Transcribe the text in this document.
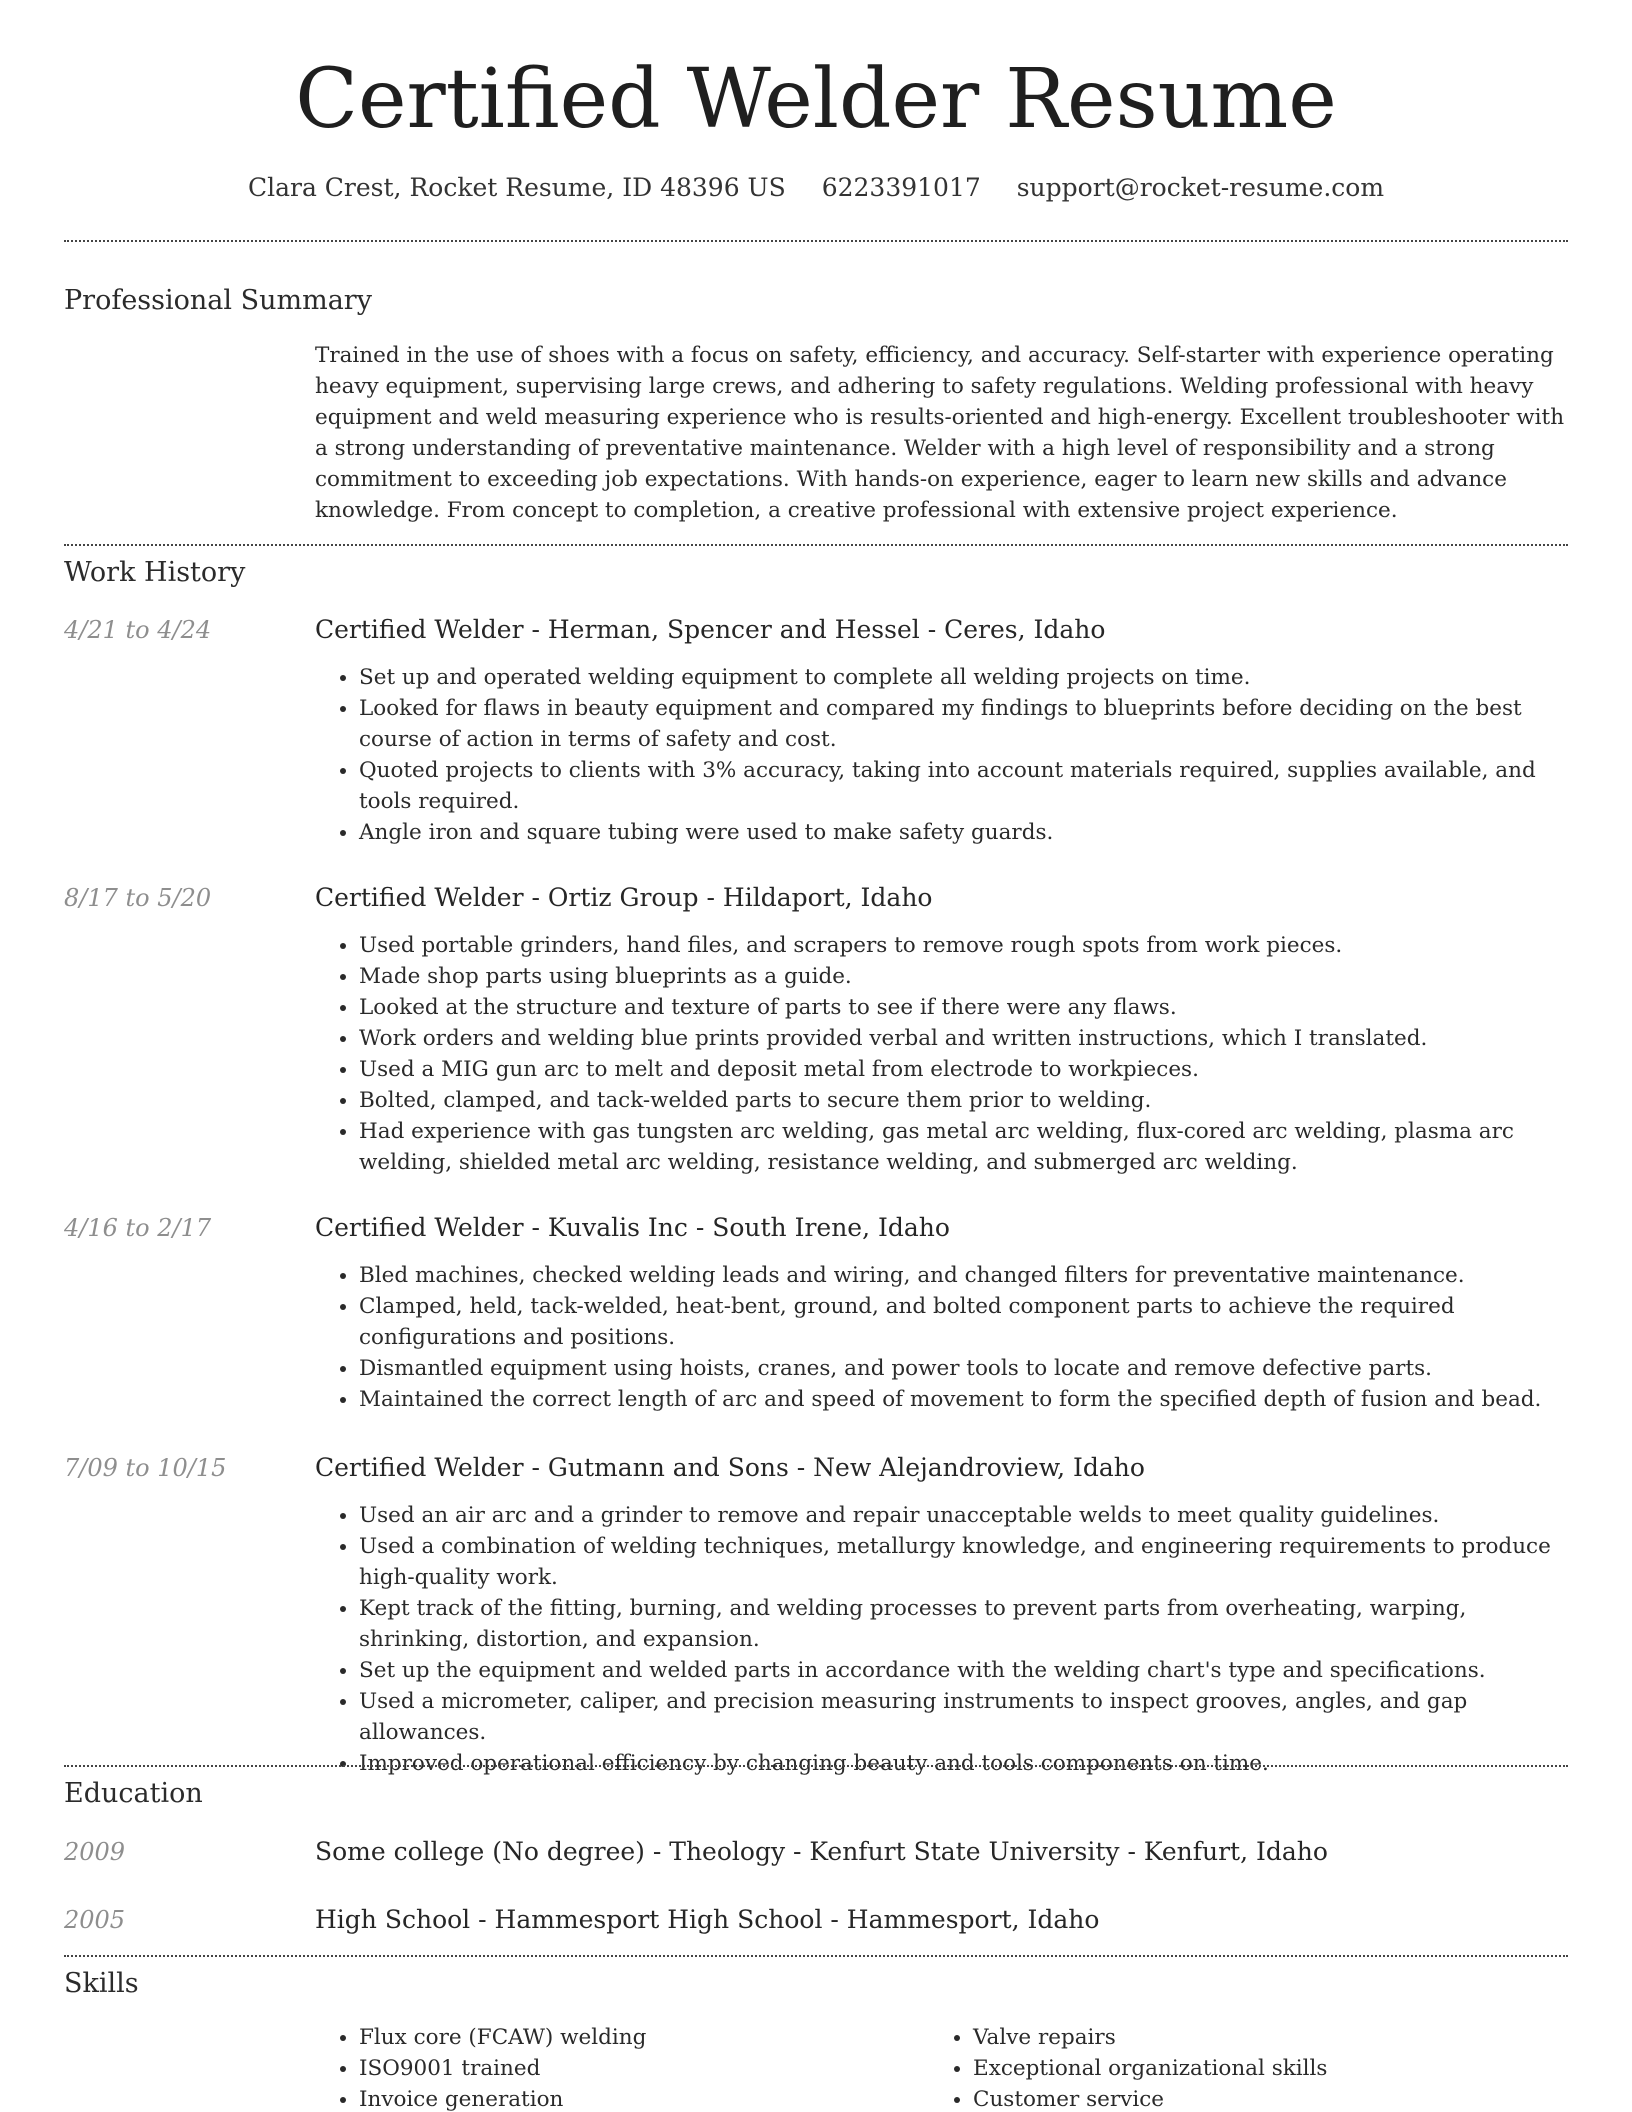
Certified Welder Resume
Clara Crest, Rocket Resume, ID 48396 US 6223391017 support@rocket-resume.com
Professional Summary

Trained in the use of shoes with a focus on safety, efficiency, and accuracy. Self-starter with experience operating heavy equipment, supervising large crews, and adhering to safety regulations. Welding professional with heavy equipment and weld measuring experience who is results-oriented and high-energy. Excellent troubleshooter with a strong understanding of preventative maintenance. Welder with a high level of responsibility and a strong commitment to exceeding job expectations. With hands-on experience, eager to learn new skills and advance knowledge. From concept to completion, a creative professional with extensive project experience.

Work History
4/21 to 4/24	Certified Welder - Herman, Spencer and Hessel - Ceres, Idaho
• Set up and operated welding equipment to complete all welding projects on time.
• Looked for flaws in beauty equipment and compared my findings to blueprints before deciding on the best course of action in terms of safety and cost.
• Quoted projects to clients with 3% accuracy, taking into account materials required, supplies available, and tools required.
• Angle iron and square tubing were used to make safety guards.
8/17 to 5/20	Certified Welder - Ortiz Group - Hildaport, Idaho
• Used portable grinders, hand files, and scrapers to remove rough spots from work pieces.
• Made shop parts using blueprints as a guide.
• Looked at the structure and texture of parts to see if there were any flaws.
• Work orders and welding blue prints provided verbal and written instructions, which I translated.
• Used a MIG gun arc to melt and deposit metal from electrode to workpieces.
• Bolted, clamped, and tack-welded parts to secure them prior to welding.
• Had experience with gas tungsten arc welding, gas metal arc welding, flux-cored arc welding, plasma arc welding, shielded metal arc welding, resistance welding, and submerged arc welding.
4/16 to 2/17	Certified Welder - Kuvalis Inc - South Irene, Idaho
• Bled machines, checked welding leads and wiring, and changed filters for preventative maintenance.
• Clamped, held, tack-welded, heat-bent, ground, and bolted component parts to achieve the required configurations and positions.
• Dismantled equipment using hoists, cranes, and power tools to locate and remove defective parts.
• Maintained the correct length of arc and speed of movement to form the specified depth of fusion and bead.
7/09 to 10/15	Certified Welder - Gutmann and Sons - New Alejandroview, Idaho
• Used an air arc and a grinder to remove and repair unacceptable welds to meet quality guidelines.
• Used a combination of welding techniques, metallurgy knowledge, and engineering requirements to produce high-quality work.
• Kept track of the fitting, burning, and welding processes to prevent parts from overheating, warping, shrinking, distortion, and expansion.
• Set up the equipment and welded parts in accordance with the welding chart's type and specifications.
• Used a micrometer, caliper, and precision measuring instruments to inspect grooves, angles, and gap allowances.
• Improved operational efficiency by changing beauty and tools components on time.
Education
2009	Some college (No degree) - Theology - Kenfurt State University - Kenfurt, Idaho
2005	High School - Hammesport High School - Hammesport, Idaho
Skills
• Flux core (FCAW) welding
• ISO9001 trained
• Invoice generation
• Valve repairs
• Exceptional organizational skills
• Customer service
